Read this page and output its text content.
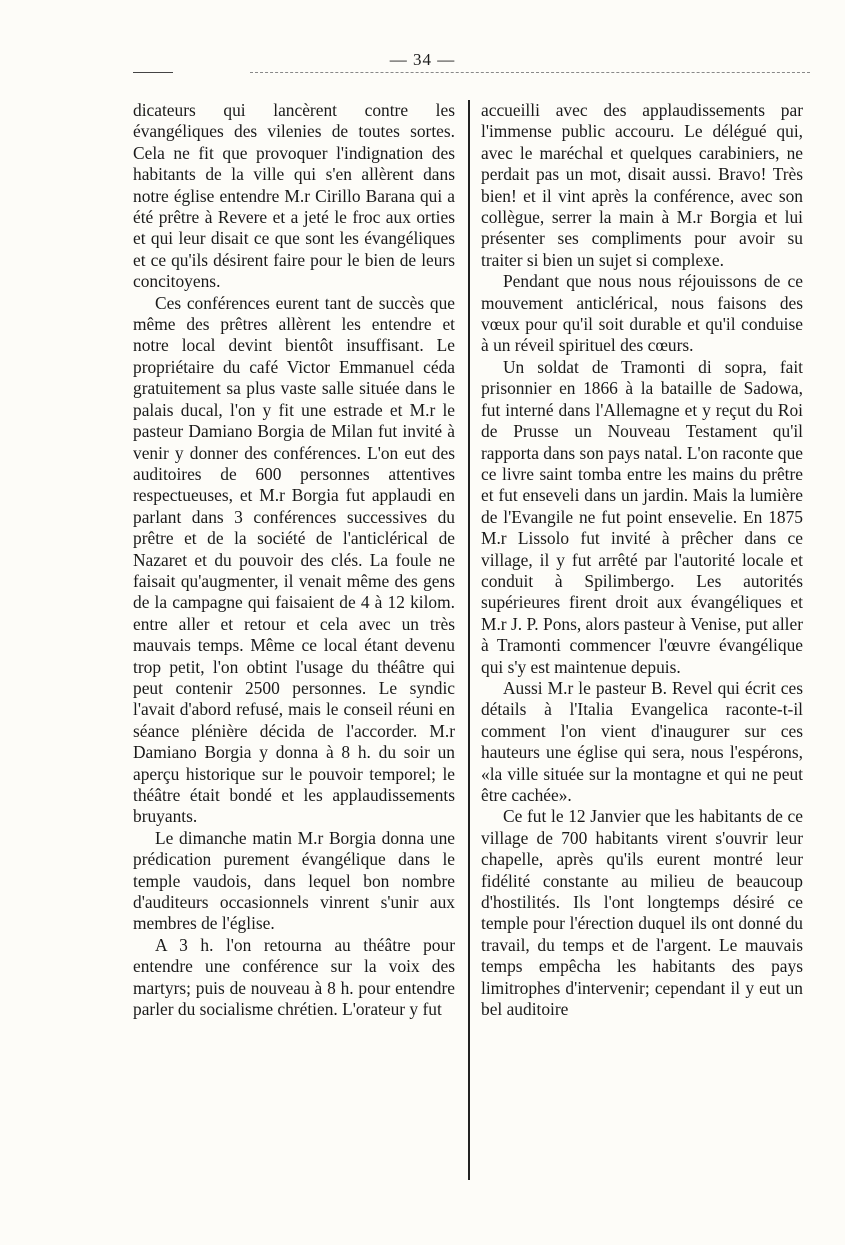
— 34 —

dicateurs qui lancèrent contre les évangéliques des vilenies de toutes sortes. Cela ne fit que provoquer l'indignation des habitants de la ville qui s'en allèrent dans notre église entendre M.r Cirillo Barana qui a été prêtre à Revere et a jeté le froc aux orties et qui leur disait ce que sont les évangéliques et ce qu'ils désirent faire pour le bien de leurs concitoyens.

Ces conférences eurent tant de succès que même des prêtres allèrent les entendre et notre local devint bientôt insuffisant. Le propriétaire du café Victor Emmanuel céda gratuitement sa plus vaste salle située dans le palais ducal, l'on y fit une estrade et M.r le pasteur Damiano Borgia de Milan fut invité à venir y donner des conférences. L'on eut des auditoires de 600 personnes attentives respectueuses, et M.r Borgia fut applaudi en parlant dans 3 conférences successives du prêtre et de la société de l'anticlérical de Nazaret et du pouvoir des clés. La foule ne faisait qu'augmenter, il venait même des gens de la campagne qui faisaient de 4 à 12 kilom. entre aller et retour et cela avec un très mauvais temps. Même ce local étant devenu trop petit, l'on obtint l'usage du théâtre qui peut contenir 2500 personnes. Le syndic l'avait d'abord refusé, mais le conseil réuni en séance plénière décida de l'accorder. M.r Damiano Borgia y donna à 8 h. du soir un aperçu historique sur le pouvoir temporel; le théâtre était bondé et les applaudissements bruyants.

Le dimanche matin M.r Borgia donna une prédication purement évangélique dans le temple vaudois, dans lequel bon nombre d'auditeurs occasionnels vinrent s'unir aux membres de l'église.

A 3 h. l'on retourna au théâtre pour entendre une conférence sur la voix des martyrs; puis de nouveau à 8 h. pour entendre parler du socialisme chrétien. L'orateur y fut

accueilli avec des applaudissements par l'immense public accouru. Le délégué qui, avec le maréchal et quelques carabiniers, ne perdait pas un mot, disait aussi. Bravo! Très bien! et il vint après la conférence, avec son collègue, serrer la main à M.r Borgia et lui présenter ses compliments pour avoir su traiter si bien un sujet si complexe.

Pendant que nous nous réjouissons de ce mouvement anticlérical, nous faisons des vœux pour qu'il soit durable et qu'il conduise à un réveil spirituel des cœurs.

Un soldat de Tramonti di sopra, fait prisonnier en 1866 à la bataille de Sadowa, fut interné dans l'Allemagne et y reçut du Roi de Prusse un Nouveau Testament qu'il rapporta dans son pays natal. L'on raconte que ce livre saint tomba entre les mains du prêtre et fut enseveli dans un jardin. Mais la lumière de l'Evangile ne fut point ensevelie. En 1875 M.r Lissolo fut invité à prêcher dans ce village, il y fut arrêté par l'autorité locale et conduit à Spilimbergo. Les autorités supérieures firent droit aux évangéliques et M.r J. P. Pons, alors pasteur à Venise, put aller à Tramonti commencer l'œuvre évangélique qui s'y est maintenue depuis.

Aussi M.r le pasteur B. Revel qui écrit ces détails à l'Italia Evangelica raconte-t-il comment l'on vient d'inaugurer sur ces hauteurs une église qui sera, nous l'espérons, «la ville située sur la montagne et qui ne peut être cachée».

Ce fut le 12 Janvier que les habitants de ce village de 700 habitants virent s'ouvrir leur chapelle, après qu'ils eurent montré leur fidélité constante au milieu de beaucoup d'hostilités. Ils l'ont longtemps désiré ce temple pour l'érection duquel ils ont donné du travail, du temps et de l'argent. Le mauvais temps empêcha les habitants des pays limitrophes d'intervenir; cependant il y eut un bel auditoire
